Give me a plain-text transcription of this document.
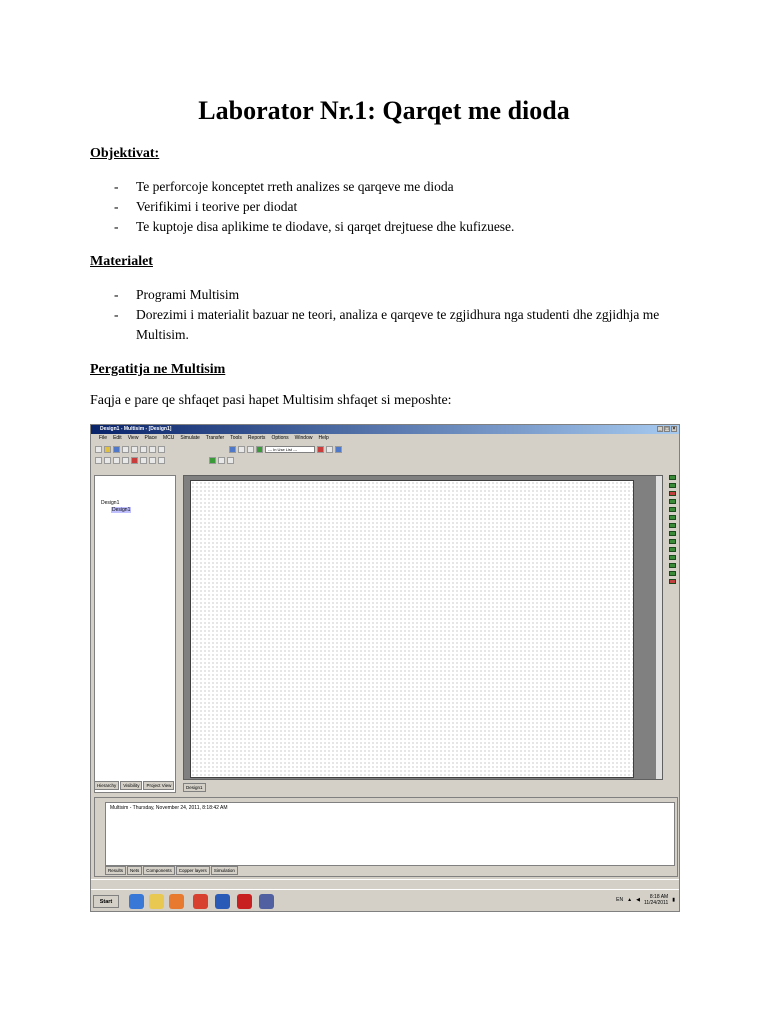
Laborator Nr.1: Qarqet me dioda
Objektivat:
- Te perforcoje konceptet rreth analizes se qarqeve me dioda
- Verifikimi i teorive per diodat
- Te kuptoje disa aplikime te diodave, si qarqet drejtuese dhe kufizuese.
Materialet
- Programi Multisim
- Dorezimi i materialit bazuar ne teori, analiza e qarqeve te zgjidhura nga studenti dhe zgjidhja me Multisim.
Pergatitja ne Multisim
Faqja e pare qe shfaqet pasi hapet Multisim shfaqet si meposhte:
Design1 - Multisim - [Design1]	_ □ ×
File Edit View Place MCU Simulate Transfer Tools Reports Options Window Help
--- In Use List ---
Design1
Design1
Hierarchy	Visibility	Project View	Design1
Multisim - Thursday, November 24, 2011, 8:18:42 AM
Results	Nets	Components	Copper layers	Simulation
Start	EN ▲ ◀	8:18 AM
11/24/2011 ▮
